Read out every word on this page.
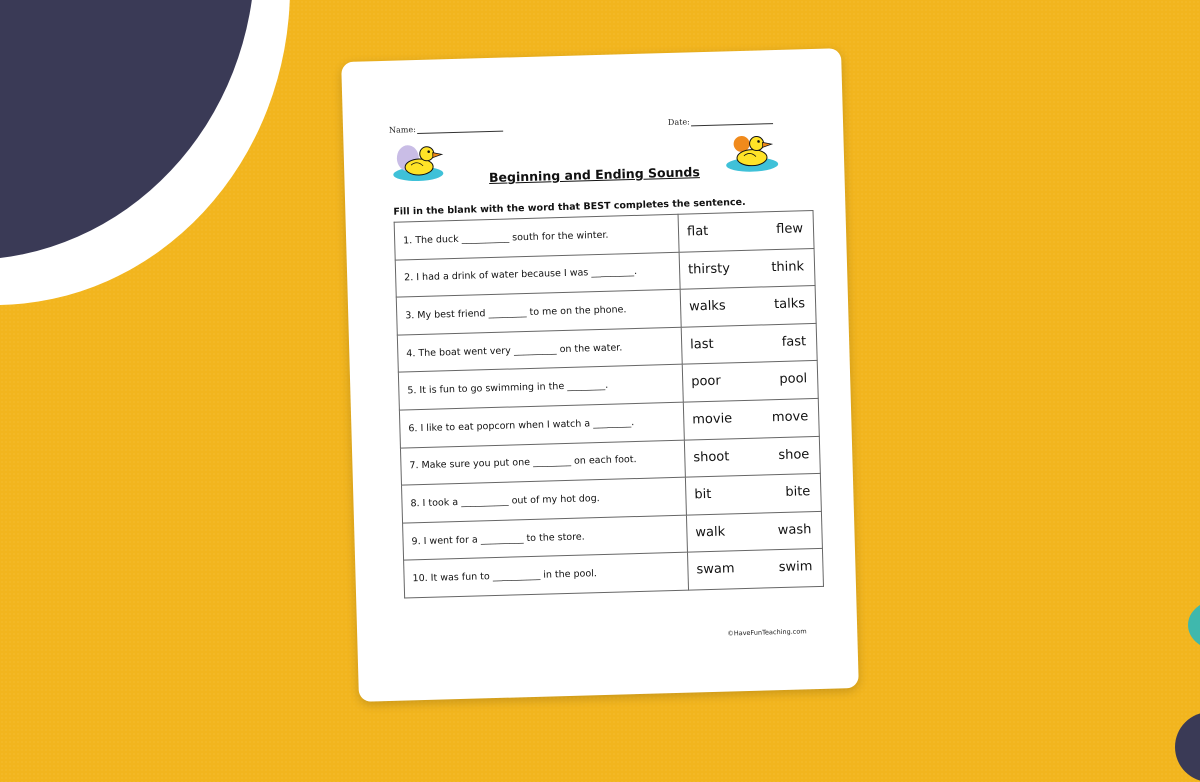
Name:
Date:
Beginning and Ending Sounds
Fill in the blank with the word that BEST completes the sentence.
1. The duck __________ south for the winter.	flat flew

2. I had a drink of water because I was _________.	thirsty think

3. My best friend ________ to me on the phone.	walks talks

4. The boat went very _________ on the water.	last fast

5. It is fun to go swimming in the ________.	poor pool

6. I like to eat popcorn when I watch a ________.	movie move

7. Make sure you put one ________ on each foot.	shoot shoe

8. I took a __________ out of my hot dog.	bit bite

9. I went for a _________ to the store.	walk wash

10. It was fun to __________ in the pool.	swam swim
©HaveFunTeaching.com
